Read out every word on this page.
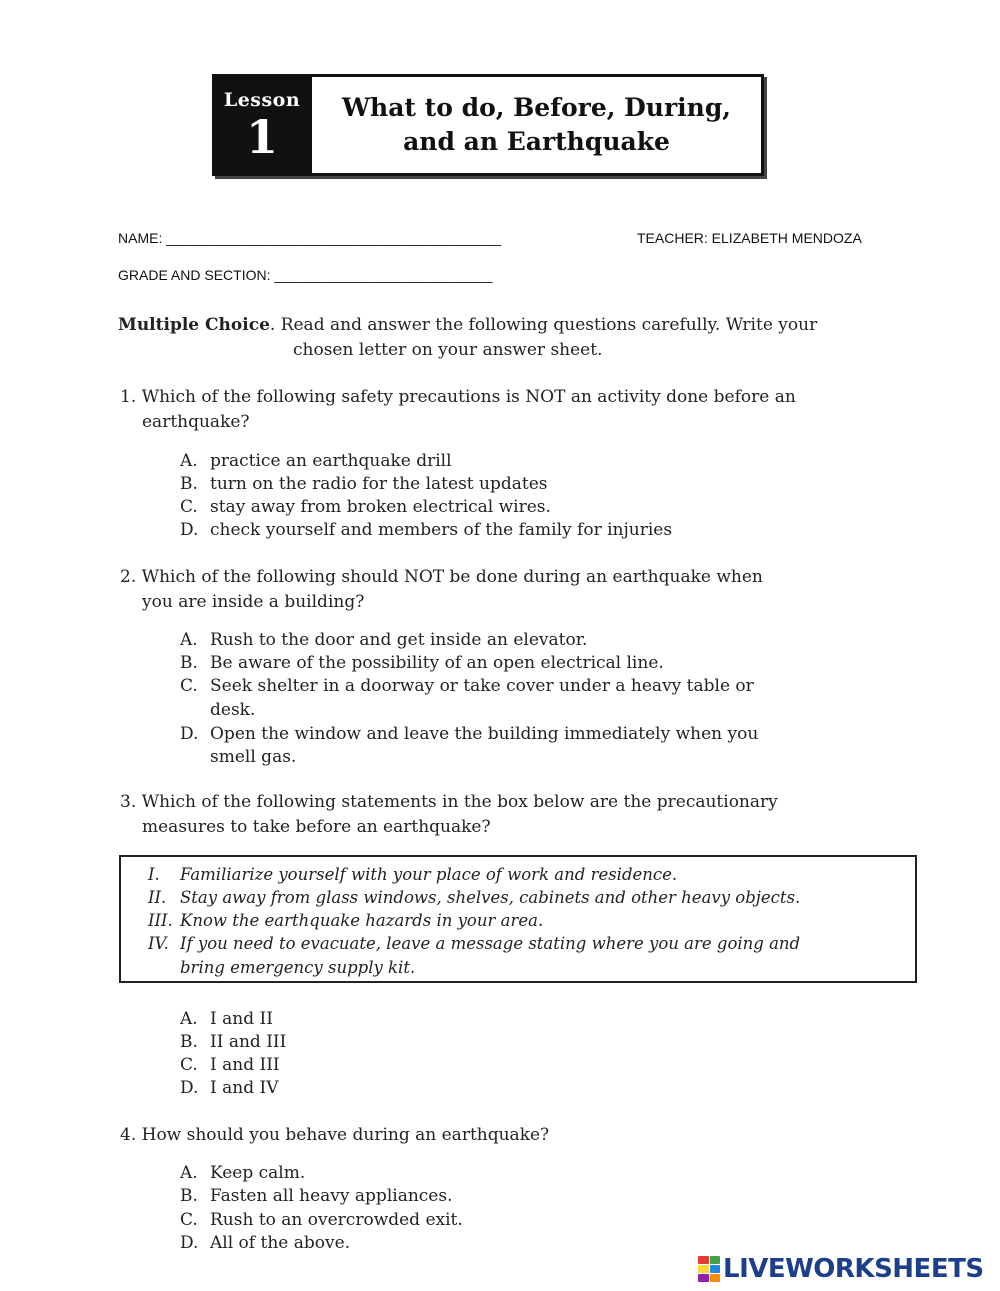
Lesson
1
What to do, Before, During,
and an Earthquake
NAME: ___________________________________________	TEACHER: ELIZABETH MENDOZA
GRADE AND SECTION: ____________________________
Multiple Choice. Read and answer the following questions carefully. Write your
chosen letter on your answer sheet.
1. Which of the following safety precautions is NOT an activity done before an
earthquake?
A. practice an earthquake drill
B. turn on the radio for the latest updates
C. stay away from broken electrical wires.
D. check yourself and members of the family for injuries
2. Which of the following should NOT be done during an earthquake when
you are inside a building?
A. Rush to the door and get inside an elevator.
B. Be aware of the possibility of an open electrical line.
C. Seek shelter in a doorway or take cover under a heavy table or
desk.
D. Open the window and leave the building immediately when you
smell gas.
3. Which of the following statements in the box below are the precautionary
measures to take before an earthquake?
I. Familiarize yourself with your place of work and residence.
II. Stay away from glass windows, shelves, cabinets and other heavy objects.
III. Know the earthquake hazards in your area.
IV. If you need to evacuate, leave a message stating where you are going and
bring emergency supply kit.
A. I and II
B. II and III
C. I and III
D. I and IV
4. How should you behave during an earthquake?
A. Keep calm.
B. Fasten all heavy appliances.
C. Rush to an overcrowded exit.
D. All of the above.
LIVEWORKSHEETS
